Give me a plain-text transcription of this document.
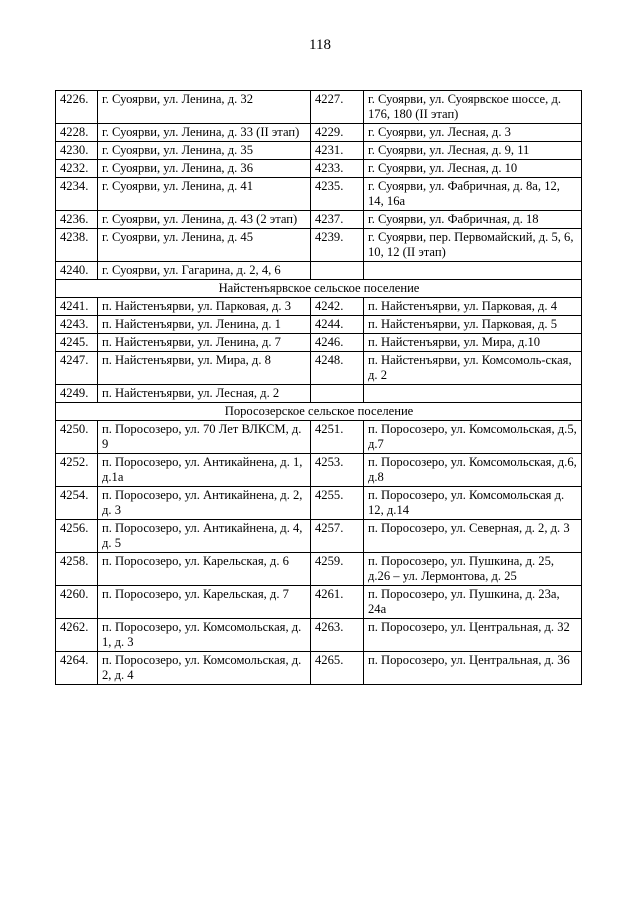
118
4226.	г. Суоярви, ул. Ленина, д. 32	4227.	г. Суоярви, ул. Суоярвское шоссе, д. 176, 180 (II этап)
4228.	г. Суоярви, ул. Ленина, д. 33 (II этап)	4229.	г. Суоярви, ул. Лесная, д. 3
4230.	г. Суоярви, ул. Ленина, д. 35	4231.	г. Суоярви, ул. Лесная, д. 9, 11
4232.	г. Суоярви, ул. Ленина, д. 36	4233.	г. Суоярви, ул. Лесная, д. 10
4234.	г. Суоярви, ул. Ленина, д. 41	4235.	г. Суоярви, ул. Фабричная, д. 8а, 12, 14, 16а
4236.	г. Суоярви, ул. Ленина, д. 43 (2 этап)	4237.	г. Суоярви, ул. Фабричная, д. 18
4238.	г. Суоярви, ул. Ленина, д. 45	4239.	г. Суоярви, пер. Первомайский, д. 5, 6, 10, 12 (II этап)
4240.	г. Суоярви, ул. Гагарина, д. 2, 4, 6		
Найстенъярвское сельское поселение			
4241.	п. Найстенъярви, ул. Парковая, д. 3	4242.	п. Найстенъярви, ул. Парковая, д. 4
4243.	п. Найстенъярви, ул. Ленина, д. 1	4244.	п. Найстенъярви, ул. Парковая, д. 5
4245.	п. Найстенъярви, ул. Ленина, д. 7	4246.	п. Найстенъярви, ул. Мира, д.10
4247.	п. Найстенъярви, ул. Мира, д. 8	4248.	п. Найстенъярви, ул. Комсомоль-ская, д. 2
4249.	п. Найстенъярви, ул. Лесная, д. 2		
Поросозерское сельское поселение			
4250.	п. Поросозеро, ул. 70 Лет ВЛКСМ, д. 9	4251.	п. Поросозеро, ул. Комсомольская, д.5, д.7
4252.	п. Поросозеро, ул. Антикайнена, д. 1, д.1а	4253.	п. Поросозеро, ул. Комсомольская, д.6, д.8
4254.	п. Поросозеро, ул. Антикайнена, д. 2, д. 3	4255.	п. Поросозеро, ул. Комсомольская д. 12, д.14
4256.	п. Поросозеро, ул. Антикайнена, д. 4, д. 5	4257.	п. Поросозеро, ул. Северная, д. 2, д. 3
4258.	п. Поросозеро, ул. Карельская, д. 6	4259.	п. Поросозеро, ул. Пушкина, д. 25, д.26 – ул. Лермонтова, д. 25
4260.	п. Поросозеро, ул. Карельская, д. 7	4261.	п. Поросозеро, ул. Пушкина, д. 23а, 24а
4262.	п. Поросозеро, ул. Комсомольская, д. 1, д. 3	4263.	п. Поросозеро, ул. Центральная, д. 32
4264.	п. Поросозеро, ул. Комсомольская, д. 2, д. 4	4265.	п. Поросозеро, ул. Центральная, д. 36
